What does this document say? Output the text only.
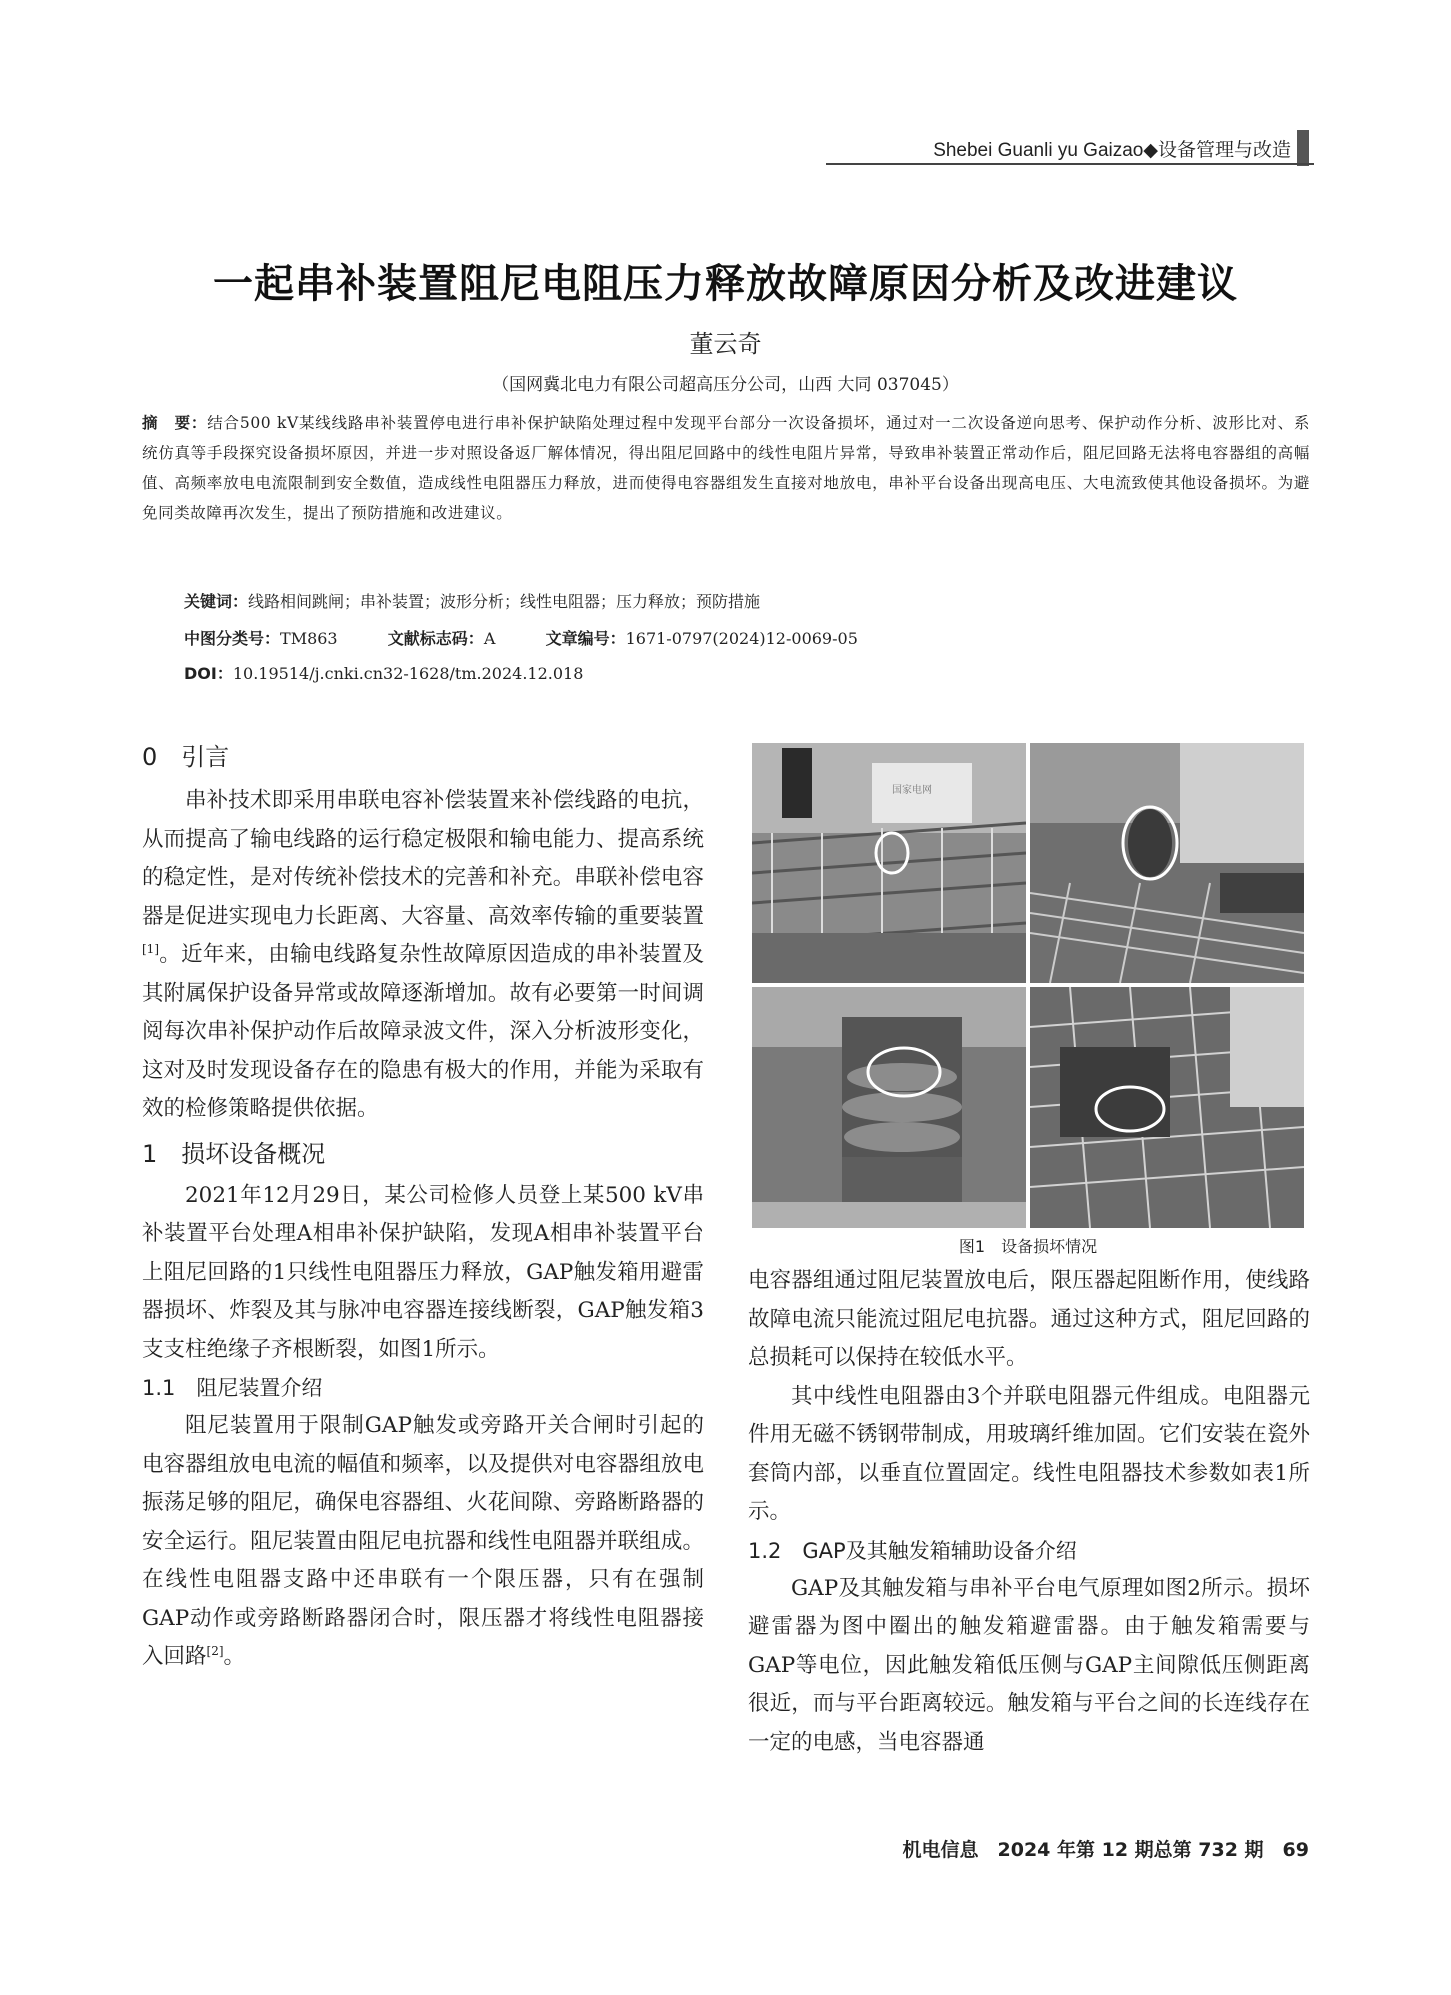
Shebei Guanli yu Gaizao◆设备管理与改造
一起串补装置阻尼电阻压力释放故障原因分析及改进建议
董云奇
（国网冀北电力有限公司超高压分公司，山西 大同 037045）
摘　要：结合500 kV某线线路串补装置停电进行串补保护缺陷处理过程中发现平台部分一次设备损坏，通过对一二次设备逆向思考、保护动作分析、波形比对、系统仿真等手段探究设备损坏原因，并进一步对照设备返厂解体情况，得出阻尼回路中的线性电阻片异常，导致串补装置正常动作后，阻尼回路无法将电容器组的高幅值、高频率放电电流限制到安全数值，造成线性电阻器压力释放，进而使得电容器组发生直接对地放电，串补平台设备出现高电压、大电流致使其他设备损坏。为避免同类故障再次发生，提出了预防措施和改进建议。
关键词：线路相间跳闸；串补装置；波形分析；线性电阻器；压力释放；预防措施
中图分类号：TM863	文献标志码：A	文章编号：1671-0797(2024)12-0069-05
DOI：10.19514/j.cnki.cn32-1628/tm.2024.12.018
0　引言

串补技术即采用串联电容补偿装置来补偿线路的电抗，从而提高了输电线路的运行稳定极限和输电能力、提高系统的稳定性，是对传统补偿技术的完善和补充。串联补偿电容器是促进实现电力长距离、大容量、高效率传输的重要装置[1]。近年来，由输电线路复杂性故障原因造成的串补装置及其附属保护设备异常或故障逐渐增加。故有必要第一时间调阅每次串补保护动作后故障录波文件，深入分析波形变化，这对及时发现设备存在的隐患有极大的作用，并能为采取有效的检修策略提供依据。

1　损坏设备概况

2021年12月29日，某公司检修人员登上某500 kV串补装置平台处理A相串补保护缺陷，发现A相串补装置平台上阻尼回路的1只线性电阻器压力释放，GAP触发箱用避雷器损坏、炸裂及其与脉冲电容器连接线断裂，GAP触发箱3支支柱绝缘子齐根断裂，如图1所示。

1.1　阻尼装置介绍

阻尼装置用于限制GAP触发或旁路开关合闸时引起的电容器组放电电流的幅值和频率，以及提供对电容器组放电振荡足够的阻尼，确保电容器组、火花间隙、旁路断路器的安全运行。阻尼装置由阻尼电抗器和线性电阻器并联组成。在线性电阻器支路中还串联有一个限压器，只有在强制GAP动作或旁路断路器闭合时，限压器才将线性电阻器接入回路[2]。

国家电网
图1　设备损坏情况

电容器组通过阻尼装置放电后，限压器起阻断作用，使线路故障电流只能流过阻尼电抗器。通过这种方式，阻尼回路的总损耗可以保持在较低水平。

其中线性电阻器由3个并联电阻器元件组成。电阻器元件用无磁不锈钢带制成，用玻璃纤维加固。它们安装在瓷外套筒内部，以垂直位置固定。线性电阻器技术参数如表1所示。

1.2　GAP及其触发箱辅助设备介绍

GAP及其触发箱与串补平台电气原理如图2所示。损坏避雷器为图中圈出的触发箱避雷器。由于触发箱需要与GAP等电位，因此触发箱低压侧与GAP主间隙低压侧距离很近，而与平台距离较远。触发箱与平台之间的长连线存在一定的电感，当电容器通

机电信息　2024 年第 12 期总第 732 期　69
